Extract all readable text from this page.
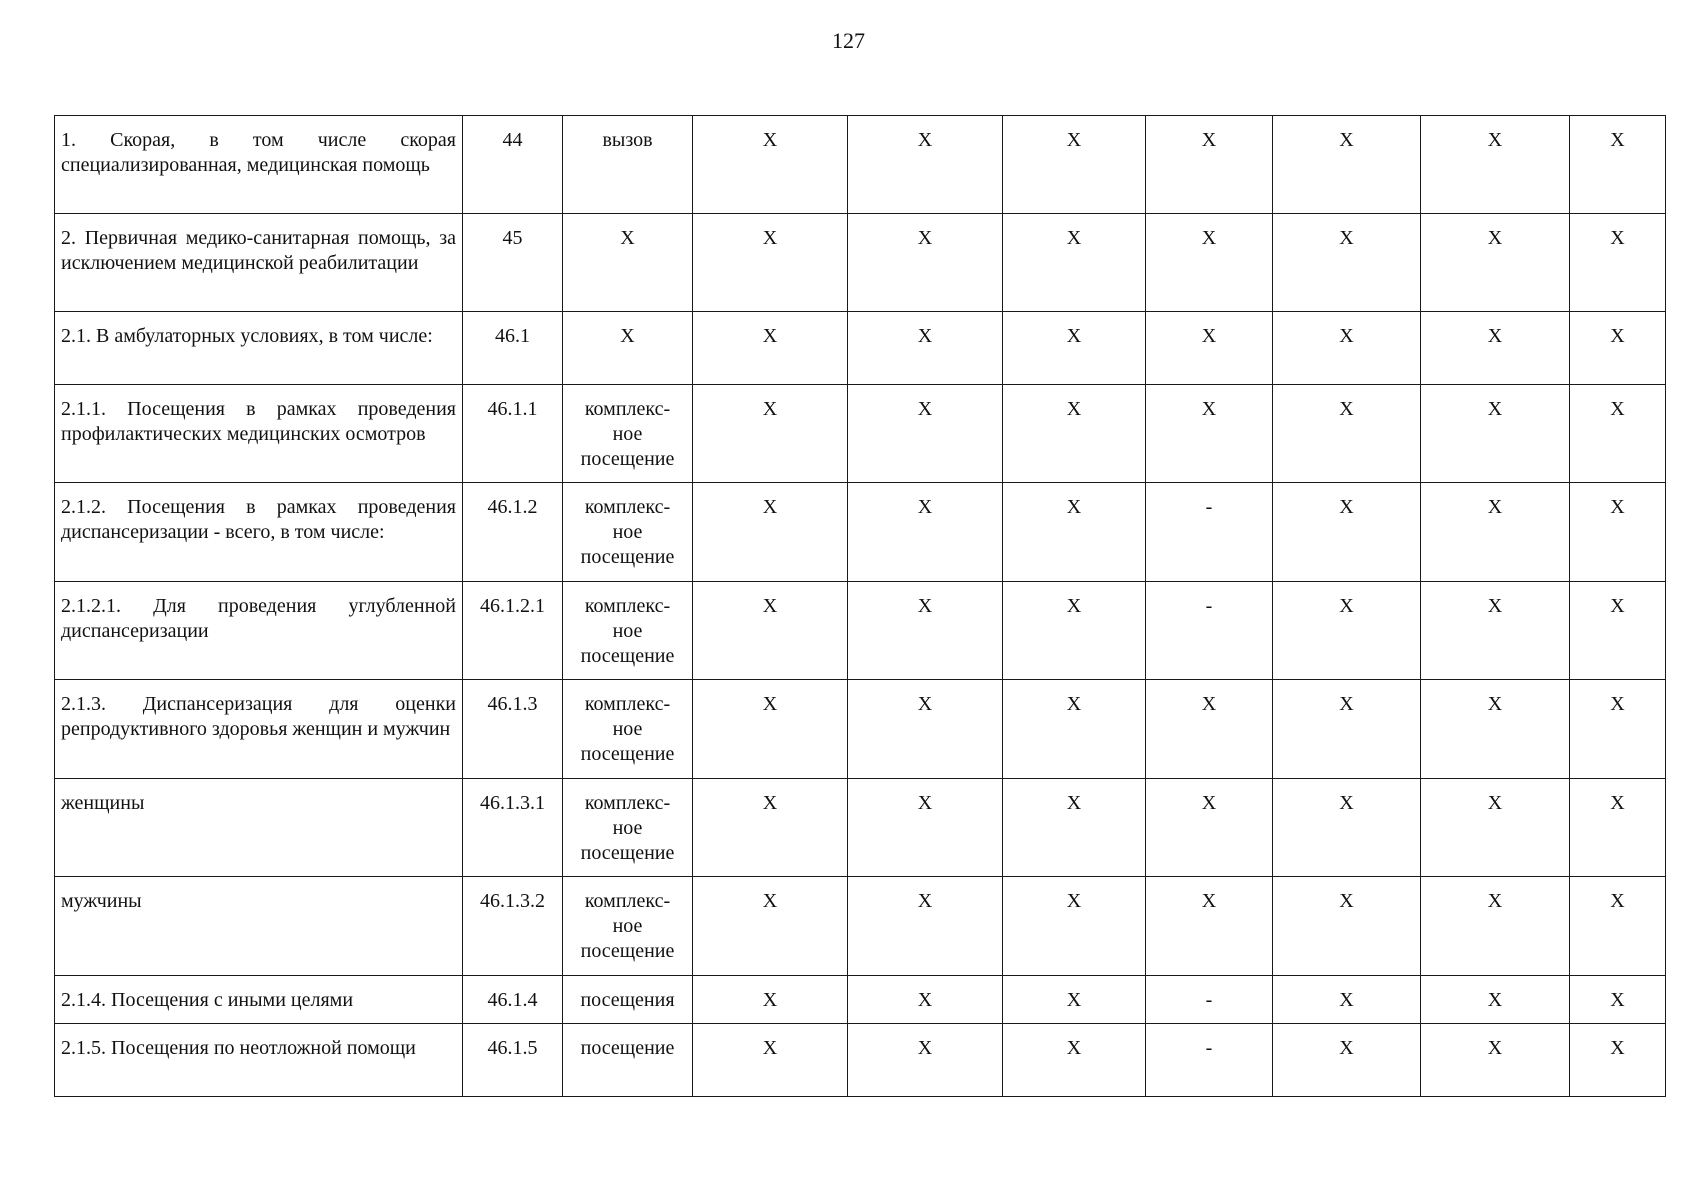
127
1. Скорая, в том числе скорая специализированная, медицинская помощь	44	вызов	X	X	X	X	X	X	X
2. Первичная медико-санитарная помощь, за исключением медицинской реабилитации	45	X	X	X	X	X	X	X	X
2.1. В амбулаторных условиях, в том числе:	46.1	X	X	X	X	X	X	X	X
2.1.1. Посещения в рамках проведения профилактических медицинских осмотров	46.1.1	комплекс-ное посещение	X	X	X	X	X	X	X
2.1.2. Посещения в рамках проведения диспансеризации - всего, в том числе:	46.1.2	комплекс-ное посещение	X	X	X	-	X	X	X
2.1.2.1. Для проведения углубленной диспансеризации	46.1.2.1	комплекс-ное посещение	X	X	X	-	X	X	X
2.1.3. Диспансеризация для оценки репродуктивного здоровья женщин и мужчин	46.1.3	комплекс-ное посещение	X	X	X	X	X	X	X
женщины	46.1.3.1	комплекс-ное посещение	X	X	X	X	X	X	X
мужчины	46.1.3.2	комплекс-ное посещение	X	X	X	X	X	X	X
2.1.4. Посещения с иными целями	46.1.4	посещения	X	X	X	-	X	X	X
2.1.5. Посещения по неотложной помощи	46.1.5	посещение	X	X	X	-	X	X	X
